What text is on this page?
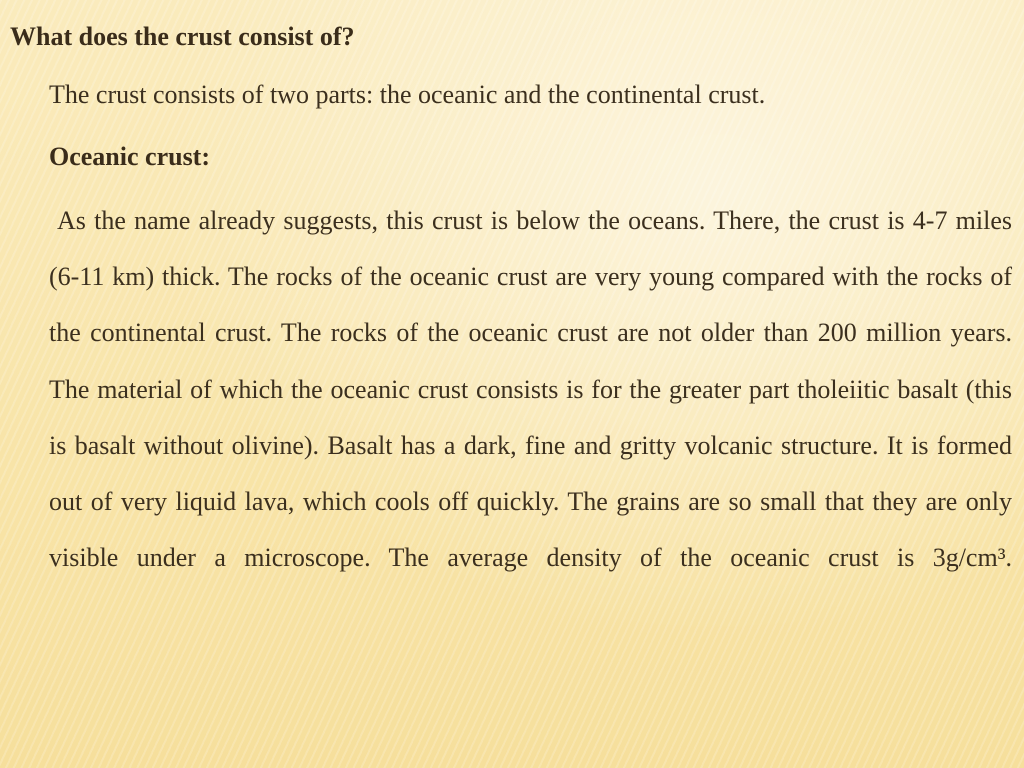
What does the crust consist of?

The crust consists of two parts: the oceanic and the continental crust.

Oceanic crust:

As the name already suggests, this crust is below the oceans. There, the crust is 4-7 miles (6-11 km) thick. The rocks of the oceanic crust are very young compared with the rocks of the continental crust. The rocks of the oceanic crust are not older than 200 million years. The material of which the oceanic crust consists is for the greater part tholeiitic basalt (this is basalt without olivine). Basalt has a dark, fine and gritty volcanic structure. It is formed out of very liquid lava, which cools off quickly. The grains are so small that they are only visible under a microscope. The average density of the oceanic crust is 3g/cm³.
